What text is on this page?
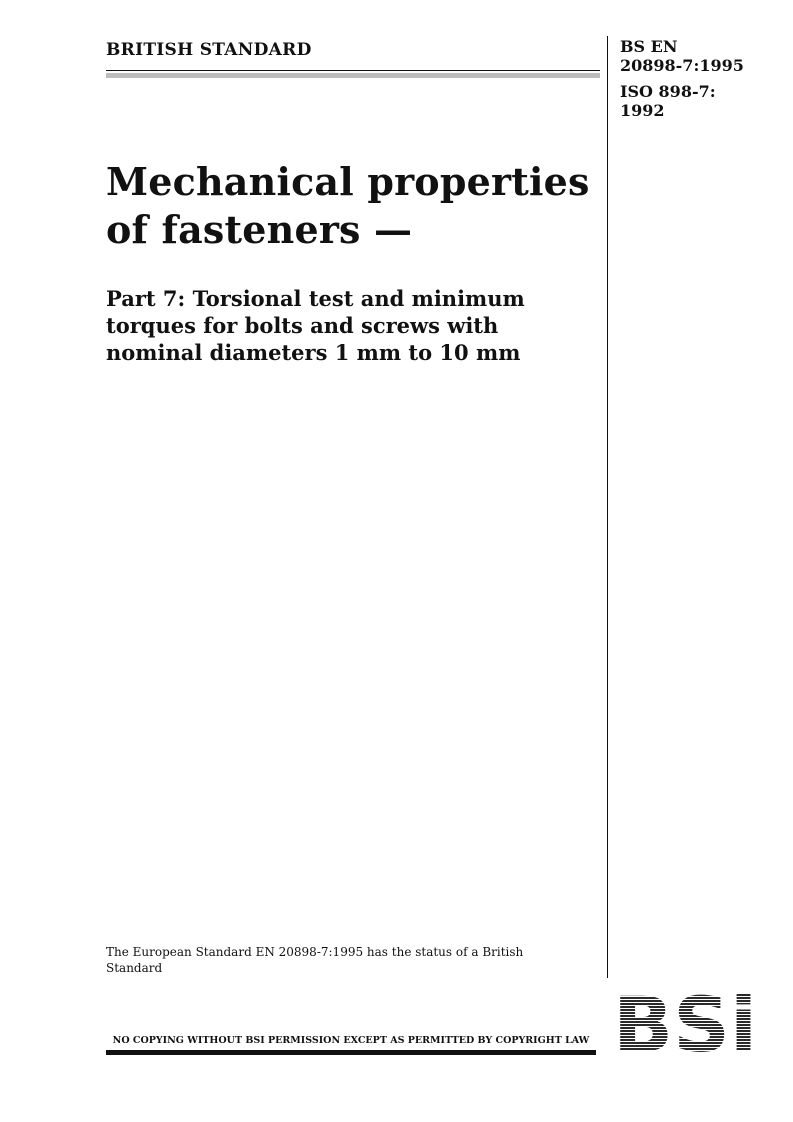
BRITISH STANDARD	BS EN
20898-7:1995
ISO 898-7:
1992
Mechanical properties of fasteners —
Part 7: Torsional test and minimum torques for bolts and screws with nominal diameters 1 mm to 10 mm
The European Standard EN 20898-7:1995 has the status of a British Standard
NO COPYING WITHOUT BSI PERMISSION EXCEPT AS PERMITTED BY COPYRIGHT LAW BSi
